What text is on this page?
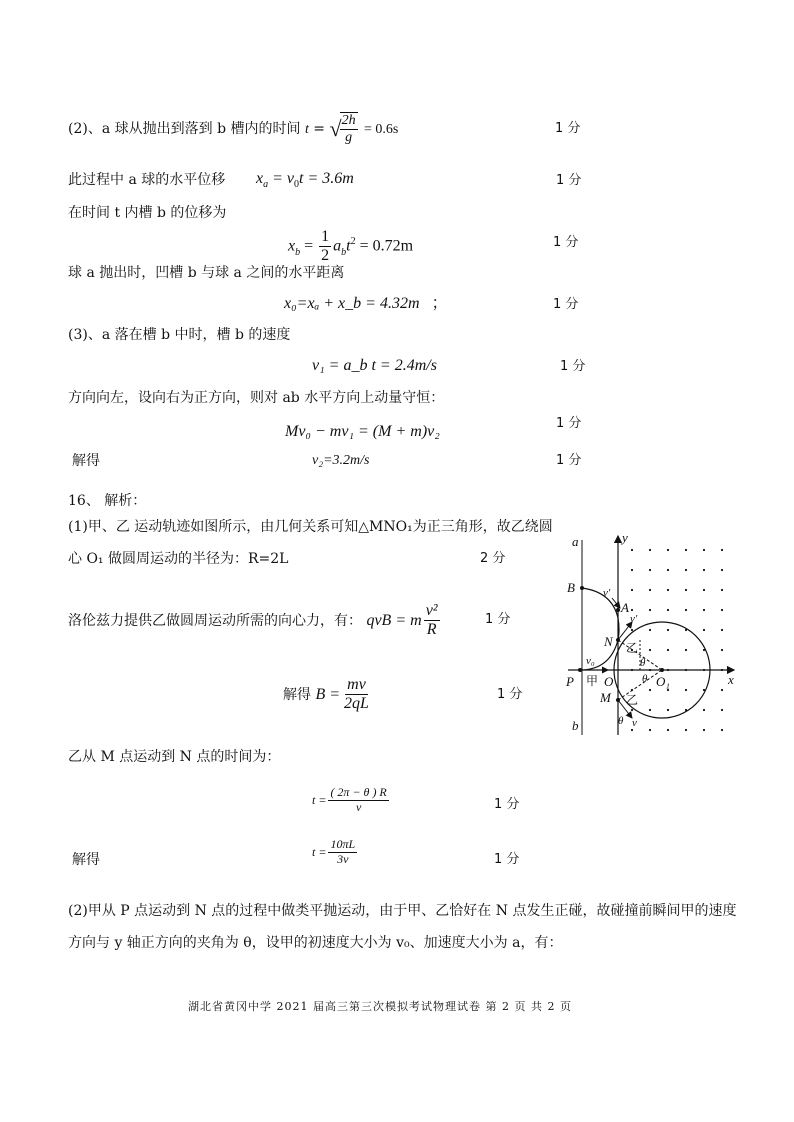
(2)、a 球从抛出到落到 b 槽内的时间 t = √
$\frac{2h}{g} = 0.6s$	1 分
此过程中 a 球的水平位移 $x_a = v_0t = 3.6m$	1 分
在时间 t 内槽 b 的位移为
$x_b = \frac{1}{2} a_bt^2 = 0.72m$	1 分
球 a 抛出时，凹槽 b 与球 a 之间的水平距离
x₀=xₐ + x_b = 4.32m ；	1 分
(3)、a 落在槽 b 中时，槽 b 的速度
v₁ = a_b t = 2.4m/s	1 分
方向向左，设向右为正方向，则对 ab 水平方向上动量守恒：
Mv₀ − mv₁ = (M + m)v₂	1 分
解得	v₂=3.2m/s	1 分
16、 解析：
(1)甲、乙 运动轨迹如图所示，由几何关系可知△MNO₁为正三角形，故乙绕圆
心 O₁ 做圆周运动的半径为：R=2L	2 分
洛伦兹力提供乙做圆周运动所需的向心力，有： qvB = m $\frac{\text{v²}}{R}$	1 分
解得 $B = \frac{mv}{2qL}$	1 分
乙从 M 点运动到 N 点的时间为：
$t = \frac{( 2\pi - \theta ) R}{v}$	1 分
解得
$t = \frac{10\pi L}{3v}$	1 分
(2)甲从 P 点运动到 N 点的过程中做类平抛运动，由于甲、乙恰好在 N 点发生正碰，故碰撞前瞬间甲的速度
方向与 y 轴正方向的夹角为 θ，设甲的初速度大小为 v₀、加速度大小为 a，有：
a
b
y
x
B
A
N
M
P O	O₁
v₀
v′
v′
v
θ
θ
θ
甲
乙
乙
湖北省黄冈中学 2021 届高三第三次模拟考试物理试卷 第 2 页 共 2 页
